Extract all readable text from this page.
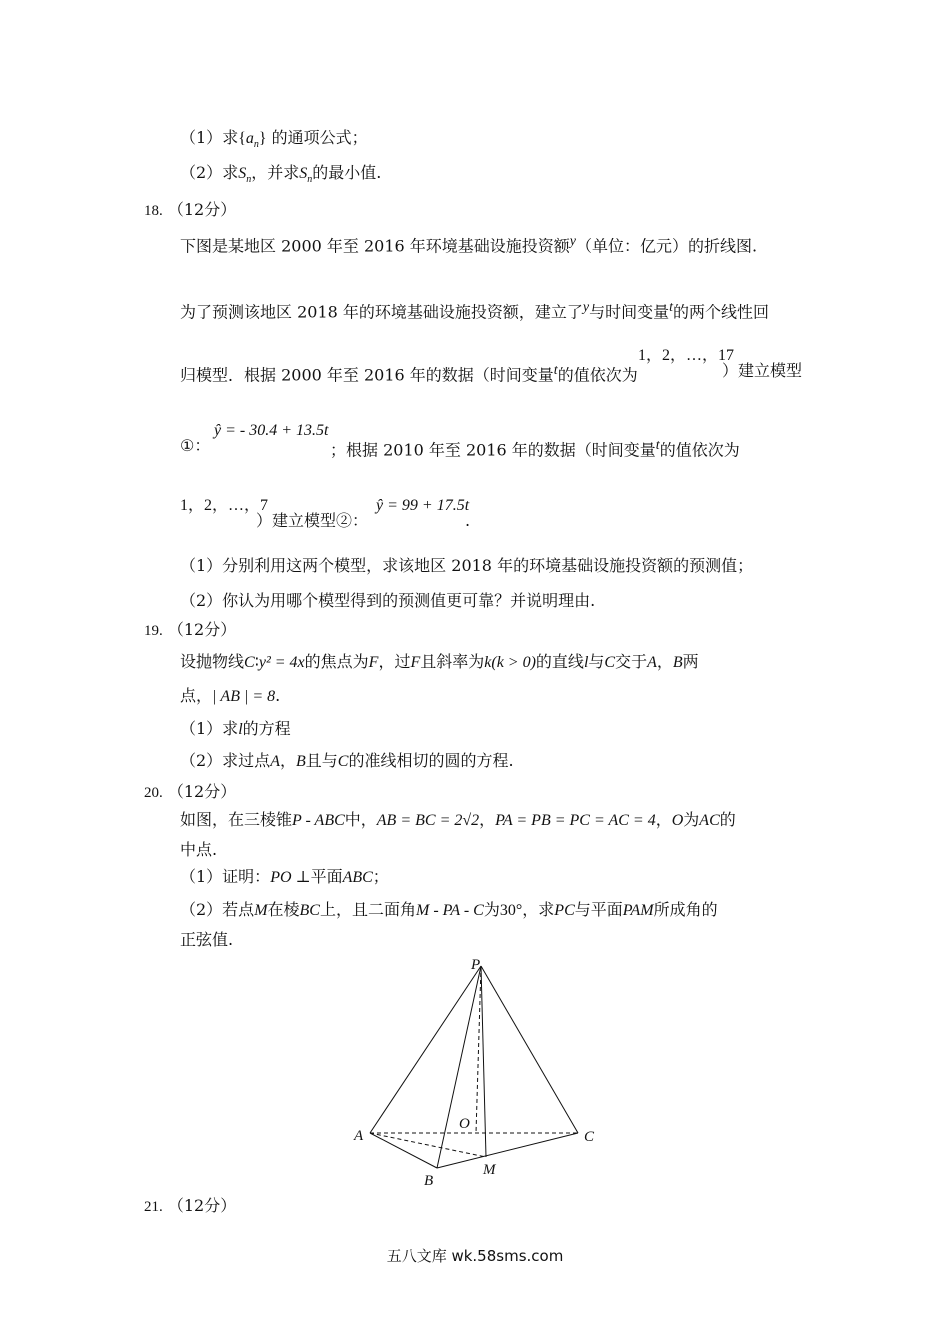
（1）求$\{a_n\}$ 的通项公式；
（2）求$S_n$，并求$S_n$的最小值.
18. （12分）
下图是某地区 2000 年至 2016 年环境基础设施投资额$^y$（单位：亿元）的折线图.
为了预测该地区 2018 年的环境基础设施投资额，建立了$^y$与时间变量$^t$的两个线性回
归模型．根据 2000 年至 2016 年的数据（时间变量$^t$的值依次为
1，2，…，17
）建立模型
①：
ŷ = - 30.4 + 13.5t
；根据 2010 年至 2016 年的数据（时间变量$^t$的值依次为
1，2，…，7
）建立模型②：
ŷ = 99 + 17.5t
.
（1）分别利用这两个模型，求该地区 2018 年的环境基础设施投资额的预测值；
（2）你认为用哪个模型得到的预测值更可靠？并说明理由.
19. （12分）
设抛物线C∶y² = 4x的焦点为F，过F且斜率为k(k > 0)的直线l与C交于A，B两
点，| AB | = 8.
（1）求l的方程
（2）求过点A，B且与C的准线相切的圆的方程.
20. （12分）
如图，在三棱锥P - ABC中，AB = BC = 2√2，PA = PB = PC = AC = 4，O为AC的
中点.
（1）证明：PO ⊥平面ABC；
（2）若点M在棱BC上，且二面角M - PA - C为30°，求PC与平面PAM所成角的
正弦值.
P
A
B
C
O
M
21. （12分）
五八文库 wk.58sms.com
